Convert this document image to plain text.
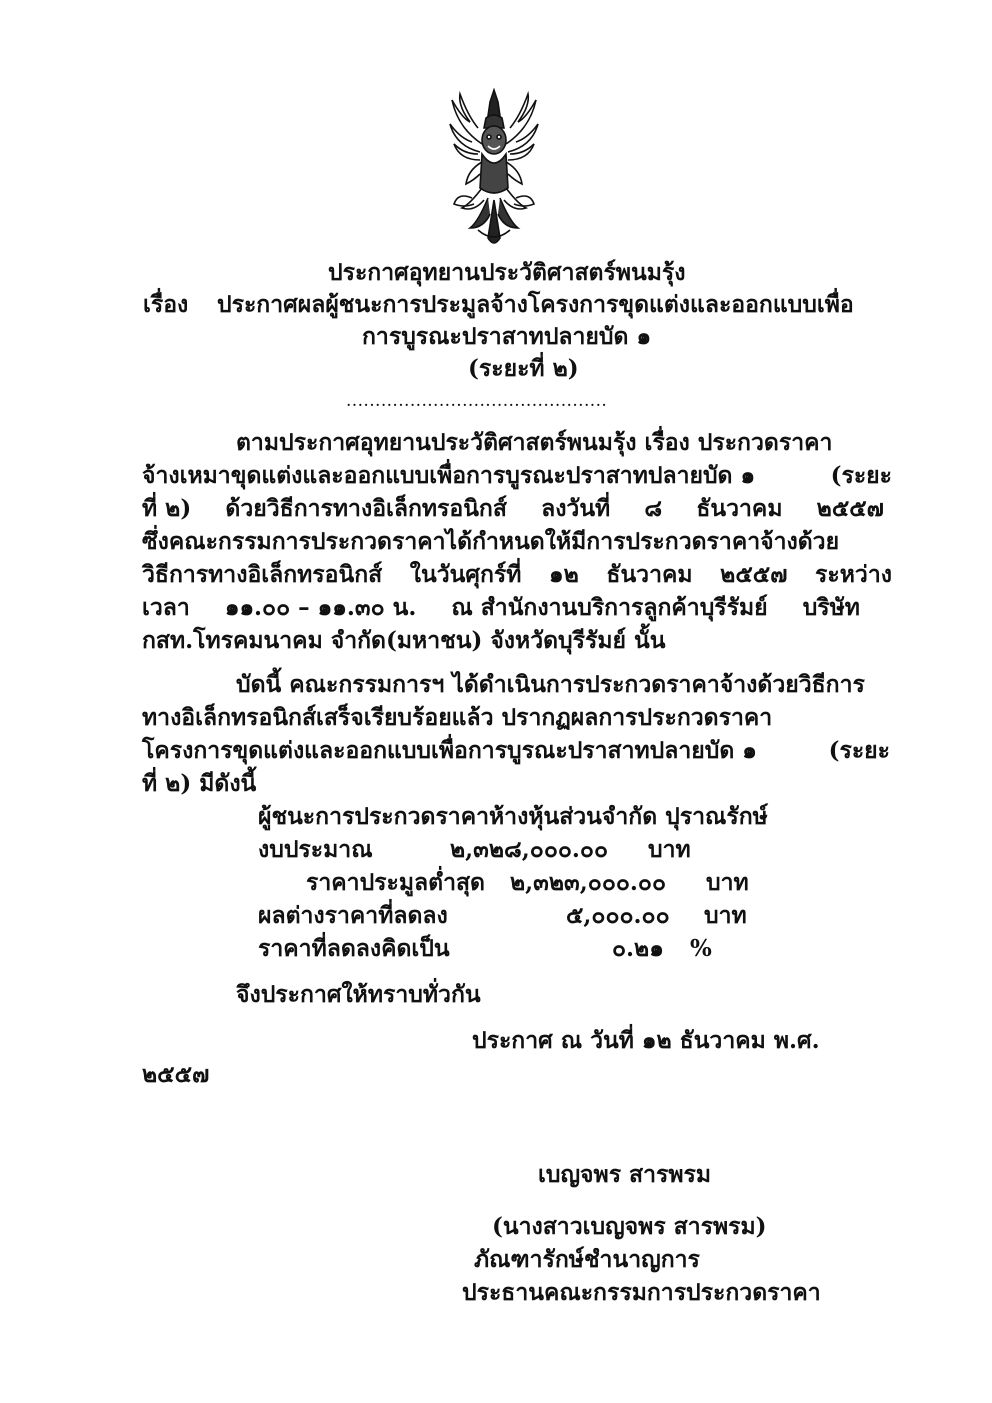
ประกาศอุทยานประวัติศาสตร์พนมรุ้ง
เรื่อง ประกาศผลผู้ชนะการประมูลจ้างโครงการขุดแต่งและออกแบบเพื่อ
การบูรณะปราสาทปลายบัด ๑
(ระยะที่ ๒)
.............................................
ตามประกาศอุทยานประวัติศาสตร์พนมรุ้ง เรื่อง ประกวดราคา
จ้างเหมาขุดแต่งและออกแบบเพื่อการบูรณะปราสาทปลายบัด ๑	(ระยะ
ที่ ๒) ด้วยวิธีการทางอิเล็กทรอนิกส์ ลงวันที่ ๘ ธันวาคม ๒๕๕๗
ซึ่งคณะกรรมการประกวดราคาได้กำหนดให้มีการประกวดราคาจ้างด้วย
วิธีการทางอิเล็กทรอนิกส์ ในวันศุกร์ที่ ๑๒ ธันวาคม ๒๕๕๗ ระหว่าง
เวลา ๑๑.๐๐ – ๑๑.๓๐ น. ณ สำนักงานบริการลูกค้าบุรีรัมย์ บริษัท
กสท.โทรคมนาคม จำกัด(มหาชน) จังหวัดบุรีรัมย์ นั้น
บัดนี้ คณะกรรมการฯ ได้ดำเนินการประกวดราคาจ้างด้วยวิธีการ
ทางอิเล็กทรอนิกส์เสร็จเรียบร้อยแล้ว ปรากฏผลการประกวดราคา
โครงการขุดแต่งและออกแบบเพื่อการบูรณะปราสาทปลายบัด ๑	(ระยะ
ที่ ๒) มีดังนี้
ผู้ชนะการประกวดราคาห้างหุ้นส่วนจำกัด ปุราณรักษ์
งบประมาณ	๒,๓๒๘,๐๐๐.๐๐ บาท
ราคาประมูลต่ำสุด ๒,๓๒๓,๐๐๐.๐๐ บาท
ผลต่างราคาที่ลดลง	๕,๐๐๐.๐๐ บาท
ราคาที่ลดลงคิดเป็น	๐.๒๑ %
จึงประกาศให้ทราบทั่วกัน
ประกาศ ณ วันที่ ๑๒ ธันวาคม พ.ศ.
๒๕๕๗
เบญจพร สารพรม
(นางสาวเบญจพร สารพรม)
ภัณฑารักษ์ชำนาญการ
ประธานคณะกรรมการประกวดราคา
